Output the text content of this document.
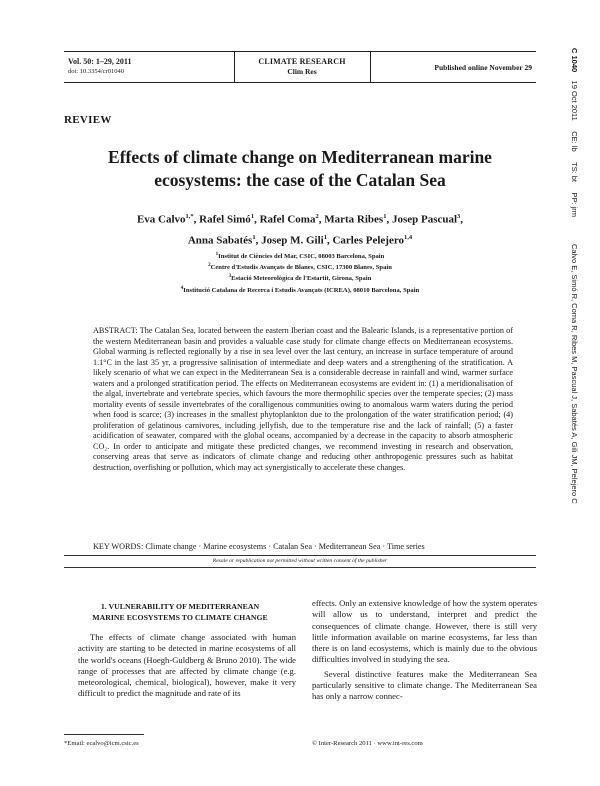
Vol. 50: 1–29, 2011
doi: 10.3354/cr01040
CLIMATE RESEARCH
Clim Res	Published online November 29
REVIEW
Effects of climate change on Mediterranean marine ecosystems: the case of the Catalan Sea
Eva Calvo$^{1,*}$, Rafel Simó$^1$, Rafel Coma$^2$, Marta Ribes$^1$, Josep Pascual$^3$,
Anna Sabatés$^1$, Josep M. Gili$^1$, Carles Pelejero$^{1,4}$
$^1$Institut de Ciències del Mar, CSIC, 08003 Barcelona, Spain
$^2$Centre d'Estudis Avançats de Blanes, CSIC, 17300 Blanes, Spain
$^3$Estació Meteorològica de l'Estartit, Girona, Spain
$^4$Institució Catalana de Recerca i Estudis Avançats (ICREA), 08010 Barcelona, Spain
ABSTRACT: The Catalan Sea, located between the eastern Iberian coast and the Balearic Islands, is a representative portion of the western Mediterranean basin and provides a valuable case study for climate change effects on Mediterranean ecosystems. Global warming is reflected regionally by a rise in sea level over the last century, an increase in surface temperature of around 1.1°C in the last 35 yr, a progressive salinisation of intermediate and deep waters and a strengthening of the stratification. A likely scenario of what we can expect in the Mediterranean Sea is a considerable decrease in rainfall and wind, warmer surface waters and a prolonged stratification period. The effects on Mediterranean ecosystems are evident in: (1) a meridionalisation of the algal, invertebrate and vertebrate species, which favours the more thermophilic species over the temperate species; (2) mass mortality events of sessile invertebrates of the coralligenous communities owing to anomalous warm waters during the period when food is scarce; (3) increases in the smallest phytoplankton due to the prolongation of the water stratification period; (4) proliferation of gelatinous carnivores, including jellyfish, due to the temperature rise and the lack of rainfall; (5) a faster acidification of seawater, compared with the global oceans, accompanied by a decrease in the capacity to absorb atmospheric CO₂. In order to anticipate and mitigate these predicted changes, we recommend investing in research and observation, conserving areas that serve as indicators of climate change and reducing other anthropogenic pressures such as habitat destruction, overfishing or pollution, which may act synergistically to accelerate these changes.
KEY WORDS: Climate change · Marine ecosystems · Catalan Sea · Mediterranean Sea · Time series
Resale or republication not permitted without written consent of the publisher
1. VULNERABILITY OF MEDITERRANEAN
MARINE ECOSYSTEMS TO CLIMATE CHANGE

The effects of climate change associated with human activity are starting to be detected in marine ecosystems of all the world's oceans (Hoegh-Guldberg & Bruno 2010). The wide range of processes that are affected by climate change (e.g. meteorological, chemical, biological), however, make it very difficult to predict the magnitude and rate of its

effects. Only an extensive knowledge of how the system operates will allow us to understand, interpret and predict the consequences of climate change. However, there is still very little information available on marine ecosystems, far less than there is on land ecosystems, which is mainly due to the obvious difficulties involved in studying the sea.

Several distinctive features make the Mediterranean Sea particularly sensitive to climate change. The Mediterranean Sea has only a narrow connec-

*Email: ecalvo@icm.csic.es	© Inter-Research 2011 · www.int-res.com
C 1040    19 Oct 2011     CE: lb     TS: bt     PP: jrm
Calvo E, Simó R, Coma R, Ribes M, Pascual J, Sabatés A, Gili JM, Pelejero C
